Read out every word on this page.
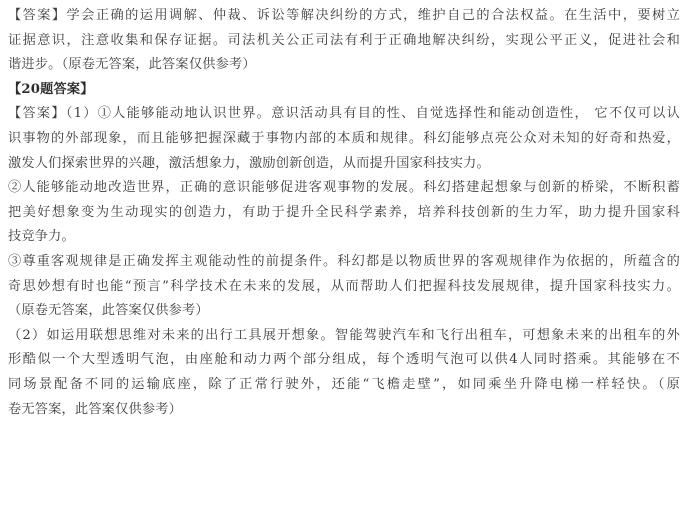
【答案】学会正确的运用调解、仲裁、诉讼等解决纠纷的方式，维护自己的合法权益。在生活中，要树立
证据意识，注意收集和保存证据。司法机关公正司法有利于正确地解决纠纷，实现公平正义，促进社会和
谐进步。（原卷无答案，此答案仅供参考）
【20题答案】
【答案】（1）①人能够能动地认识世界。意识活动具有目的性、自觉选择性和能动创造性， 它不仅可以认
识事物的外部现象，而且能够把握深藏于事物内部的本质和规律。科幻能够点亮公众对未知的好奇和热爱，
激发人们探索世界的兴趣，激活想象力，激励创新创造，从而提升国家科技实力。
②人能够能动地改造世界，正确的意识能够促进客观事物的发展。科幻搭建起想象与创新的桥梁，不断积蓄
把美好想象变为生动现实的创造力，有助于提升全民科学素养，培养科技创新的生力军，助力提升国家科
技竞争力。
③尊重客观规律是正确发挥主观能动性的前提条件。科幻都是以物质世界的客观规律作为依据的，所蕴含的
奇思妙想有时也能“预言”科学技术在未来的发展，从而帮助人们把握科技发展规律，提升国家科技实力。
（原卷无答案，此答案仅供参考）
（2）如运用联想思维对未来的出行工具展开想象。智能驾驶汽车和飞行出租车，可想象未来的出租车的外
形酷似一个大型透明气泡，由座舱和动力两个部分组成，每个透明气泡可以供4人同时搭乘。其能够在不
同场景配备不同的运输底座，除了正常行驶外，还能“飞檐走壁”，如同乘坐升降电梯一样轻快。（原
卷无答案，此答案仅供参考）
